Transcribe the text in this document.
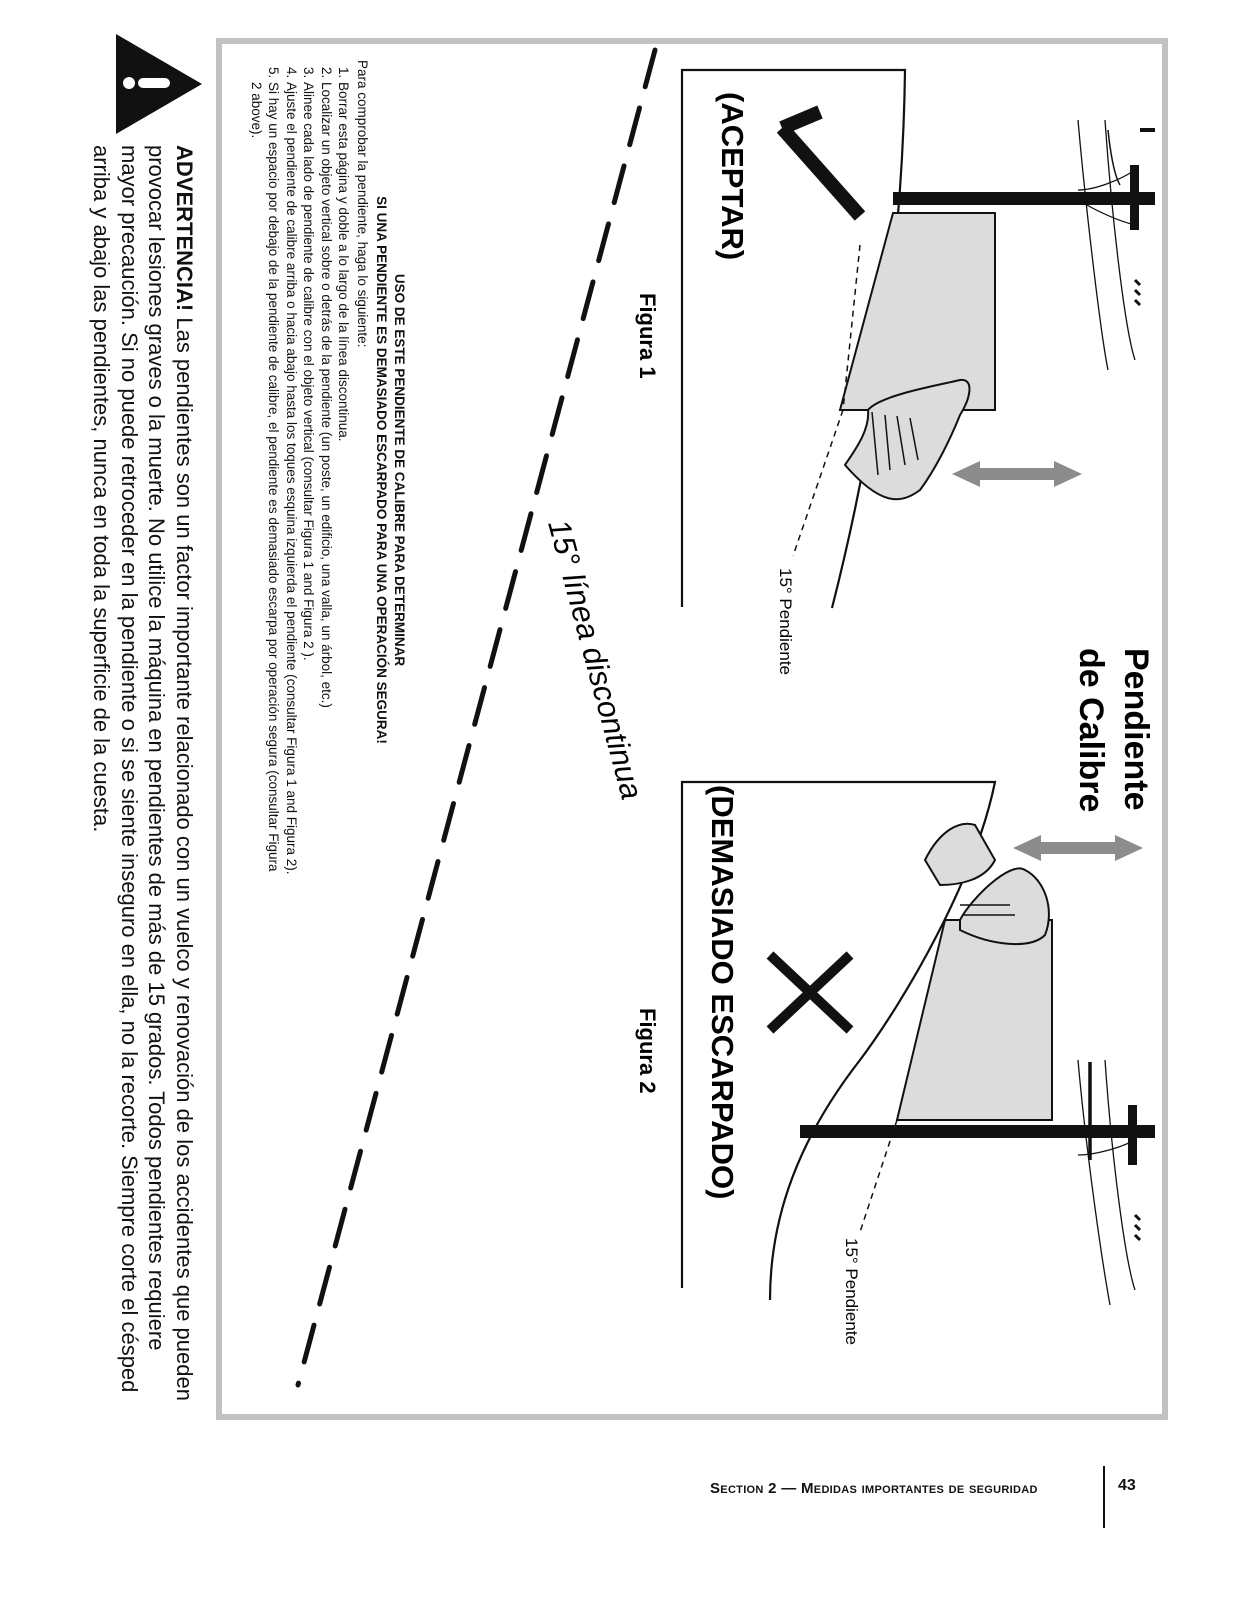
Pendiente
de Calibre
Figura 1
Figura 2
(ACEPTAR)
(DEMASIADO ESCARPADO)
15° Pendiente
15° Pendiente
15° línea discontinua
USO DE ESTE PENDIENTE DE CALIBRE PARA DETERMINAR
SI UNA PENDIENTE ES DEMASIADO ESCARPADO PARA UNA OPERACIÓN SEGURA!
Para comprobar la pendiente, haga lo siguiente:
1. Borrar esta página y doble a lo largo de la línea discontinua.
2. Localizar un objeto vertical sobre o detrás de la pendiente (un poste, un edificio, una valla, un árbol, etc.)
3. Alinee cada lado de pendiente de calibre con el objeto vertical (consultar Figura 1 and Figura 2 ).
4. Ajuste el pendiente de calibre arriba o hacia abajo hasta los toques esquina izquierda el pendiente (consultar Figura 1 and Figura 2).
5. Si hay un espacio por debajo de la pendiente de calibre, el pendiente es demasiado escarpa por operación segura (consultar Figura 2 above).
ADVERTENCIA! Las pendientes son un factor importante relacionado con un vuelco y renovación de los accidentes que pueden provocar lesiones graves o la muerte. No utilice la máquina en pendientes de más de 15 grados. Todos pendientes requiere mayor precaución. Si no puede retroceder en la pendiente o si se siente inseguro en ella, no la recorte. Siempre corte el césped arriba y abajo las pendientes, nunca en toda la superficie de la cuesta.
Section 2 — Medidas importantes de seguridad	43
